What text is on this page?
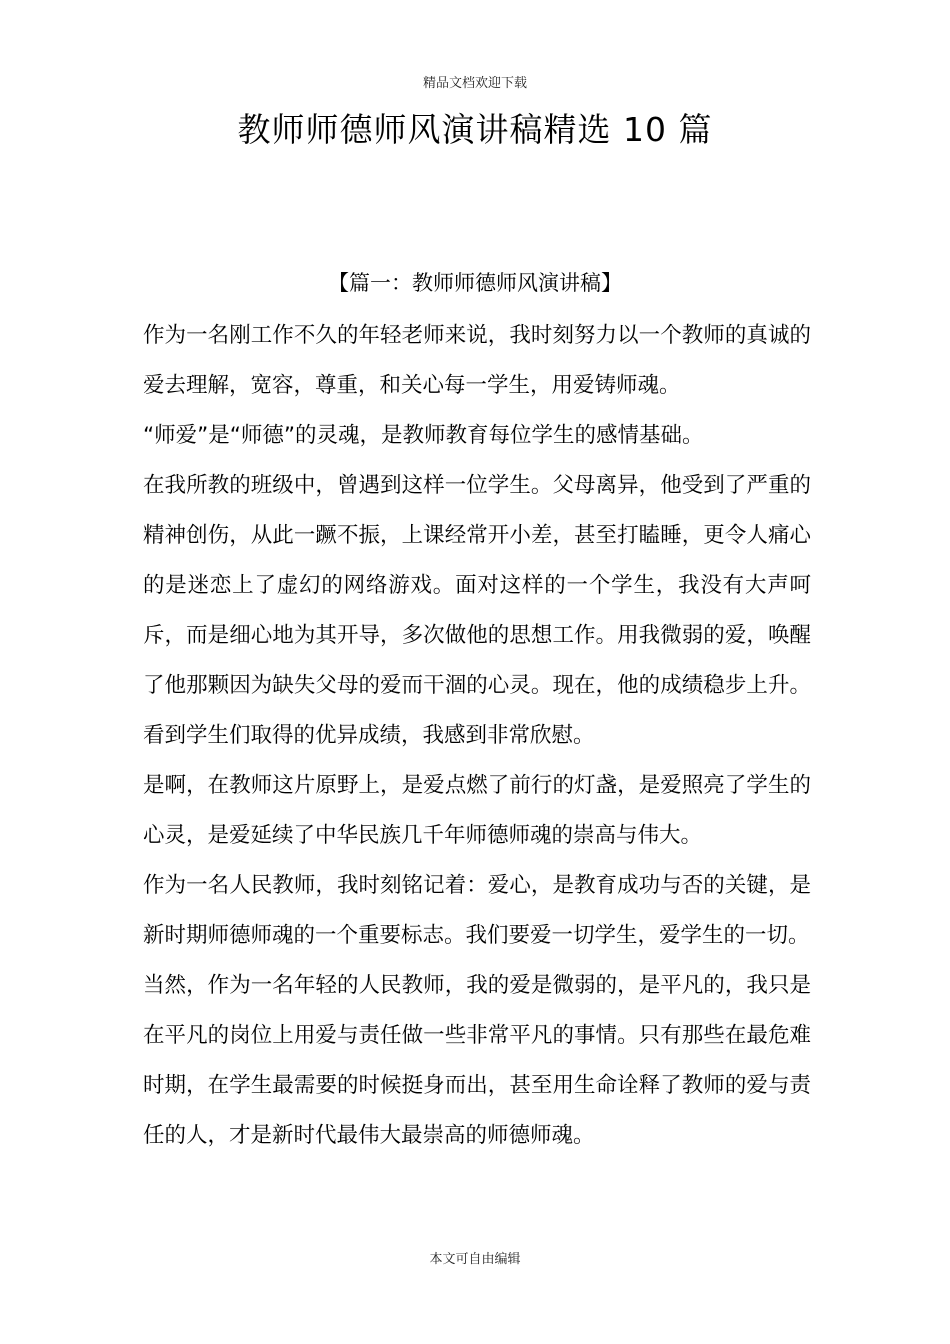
精品文档欢迎下载
教师师德师风演讲稿精选 10 篇
【篇一：教师师德师风演讲稿】

作为一名刚工作不久的年轻老师来说，我时刻努力以一个教师的真诚的爱去理解，宽容，尊重，和关心每一学生，用爱铸师魂。

“师爱”是“师德”的灵魂，是教师教育每位学生的感情基础。

在我所教的班级中，曾遇到这样一位学生。父母离异，他受到了严重的精神创伤，从此一蹶不振，上课经常开小差，甚至打瞌睡，更令人痛心的是迷恋上了虚幻的网络游戏。面对这样的一个学生，我没有大声呵斥，而是细心地为其开导，多次做他的思想工作。用我微弱的爱，唤醒了他那颗因为缺失父母的爱而干涸的心灵。现在，他的成绩稳步上升。看到学生们取得的优异成绩，我感到非常欣慰。

是啊，在教师这片原野上，是爱点燃了前行的灯盏，是爱照亮了学生的心灵，是爱延续了中华民族几千年师德师魂的崇高与伟大。

作为一名人民教师，我时刻铭记着：爱心，是教育成功与否的关键，是新时期师德师魂的一个重要标志。我们要爱一切学生，爱学生的一切。

当然，作为一名年轻的人民教师，我的爱是微弱的，是平凡的，我只是在平凡的岗位上用爱与责任做一些非常平凡的事情。只有那些在最危难时期，在学生最需要的时候挺身而出，甚至用生命诠释了教师的爱与责任的人，才是新时代最伟大最崇高的师德师魂。

本文可自由编辑
